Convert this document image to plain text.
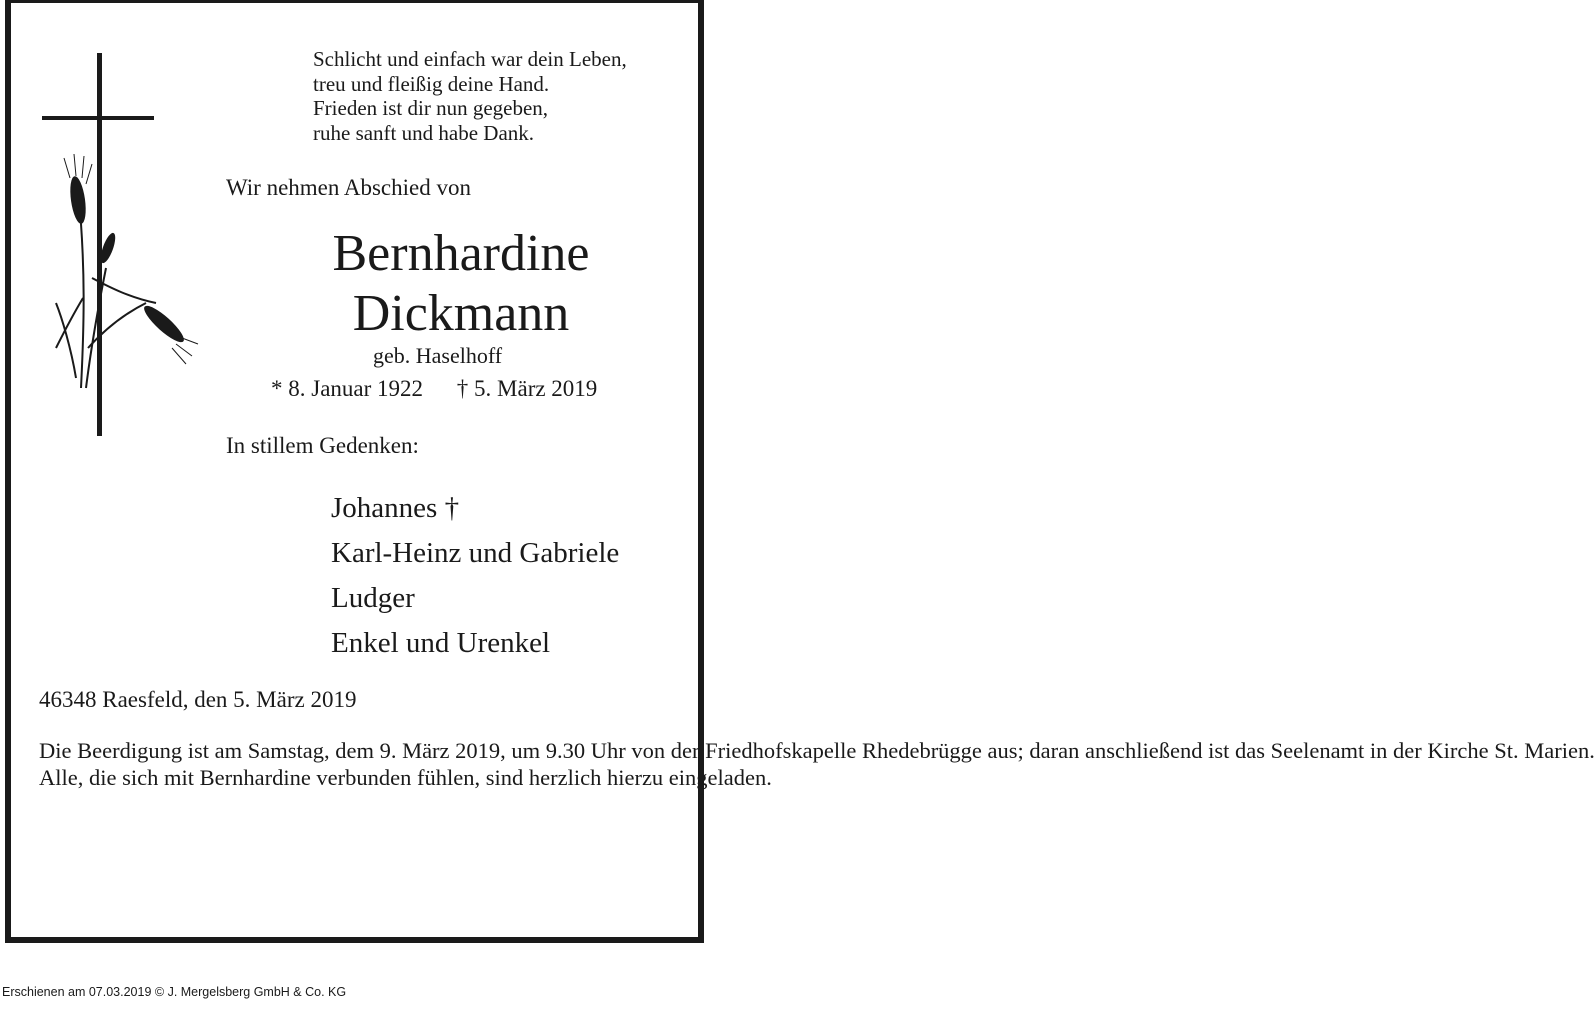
Schlicht und einfach war dein Leben,
treu und fleißig deine Hand.
Frieden ist dir nun gegeben,
ruhe sanft und habe Dank.
Wir nehmen Abschied von
Bernhardine
Dickmann
geb. Haselhoff
* 8. Januar 1922 † 5. März 2019
In stillem Gedenken:
Johannes †
Karl-Heinz und Gabriele
Ludger
Enkel und Urenkel
46348 Raesfeld, den 5. März 2019

Die Beerdigung ist am Samstag, dem 9. März 2019, um 9.30 Uhr von der Friedhofskapelle Rhedebrügge aus; daran anschließend ist das Seelenamt in der Kirche St. Marien.

Alle, die sich mit Bernhardine verbunden fühlen, sind herzlich hierzu eingeladen.

Erschienen am 07.03.2019 © J. Mergelsberg GmbH & Co. KG
